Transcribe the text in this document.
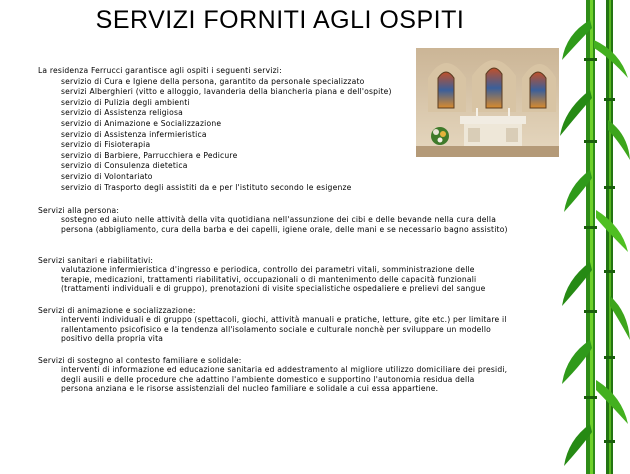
SERVIZI FORNITI AGLI OSPITI

La residenza Ferrucci garantisce agli ospiti i seguenti servizi:

servizio di Cura e Igiene della persona, garantito da personale specializzato
servizi Alberghieri (vitto e alloggio, lavanderia della biancheria piana e dell'ospite)
servizio di Pulizia degli ambienti
servizio di Assistenza religiosa
servizio di Animazione e Socializzazione
servizio di Assistenza infermieristica
servizio di Fisioterapia
servizio di Barbiere, Parrucchiera e Pedicure
servizio di Consulenza dietetica
servizio di Volontariato
servizio di Trasporto degli assistiti da e per l'istituto secondo le esigenze

Servizi alla persona:

sostegno ed aiuto nelle attività della vita quotidiana nell'assunzione dei cibi e delle bevande nella cura della persona (abbigliamento, cura della barba e dei capelli, igiene orale, delle mani e se necessario bagno assistito)

Servizi sanitari e riabilitativi:

valutazione infermieristica d'ingresso e periodica, controllo dei parametri vitali, somministrazione delle terapie, medicazioni, trattamenti riabilitativi, occupazionali o di mantenimento delle capacità funzionali (trattamenti individuali e di gruppo), prenotazioni di visite specialistiche ospedaliere e prelievi del sangue

Servizi di animazione e socializzazione:

interventi individuali e di gruppo (spettacoli, giochi, attività manuali e pratiche, letture, gite etc.) per limitare il rallentamento psicofisico e la tendenza all'isolamento sociale e culturale nonchè per sviluppare un modello positivo della propria vita

Servizi di sostegno al contesto familiare e solidale:

interventi di informazione ed educazione sanitaria ed addestramento al migliore utilizzo domiciliare dei presidi, degli ausili e delle procedure che adattino l'ambiente domestico e supportino l'autonomia residua della persona anziana e le risorse assistenziali del nucleo familiare e solidale a cui essa appartiene.
